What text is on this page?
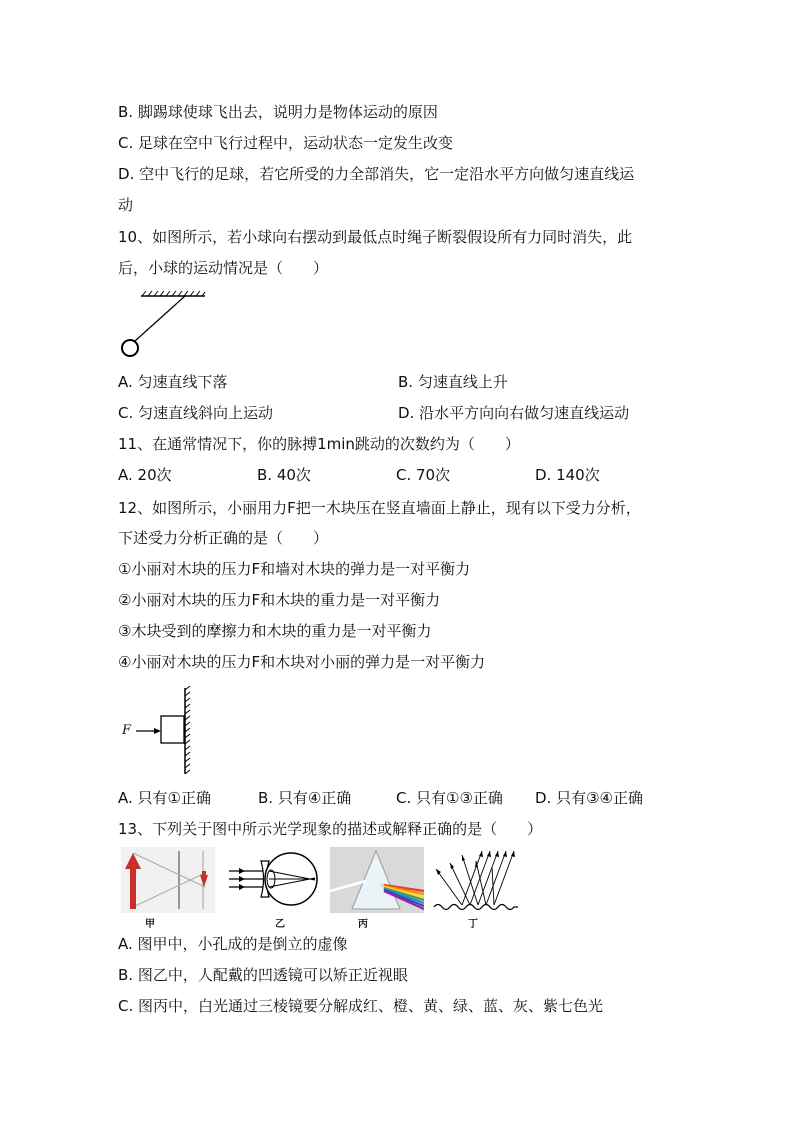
B. 脚踢球使球飞出去，说明力是物体运动的原因
C. 足球在空中飞行过程中，运动状态一定发生改变
D. 空中飞行的足球，若它所受的力全部消失，它一定沿水平方向做匀速直线运
动
10、如图所示，若小球向右摆动到最低点时绳子断裂假设所有力同时消失，此
后，小球的运动情况是（　　）
A. 匀速直线下落	B. 匀速直线上升
C. 匀速直线斜向上运动	D. 沿水平方向向右做匀速直线运动
11、在通常情况下，你的脉搏1min跳动的次数约为（　　）
A. 20次	B. 40次	C. 70次	D. 140次
12、如图所示，小丽用力F把一木块压在竖直墙面上静止，现有以下受力分析，
下述受力分析正确的是（　　）
①小丽对木块的压力F和墙对木块的弹力是一对平衡力
②小丽对木块的压力F和木块的重力是一对平衡力
③木块受到的摩擦力和木块的重力是一对平衡力
④小丽对木块的压力F和木块对小丽的弹力是一对平衡力
F
A. 只有①正确	B. 只有④正确	C. 只有①③正确 D. 只有③④正确
13、下列关于图中所示光学现象的描述或解释正确的是（　　）
甲	乙	丙	丁
A. 图甲中，小孔成的是倒立的虚像
B. 图乙中，人配戴的凹透镜可以矫正近视眼
C. 图丙中，白光通过三棱镜要分解成红、橙、黄、绿、蓝、灰、紫七色光
